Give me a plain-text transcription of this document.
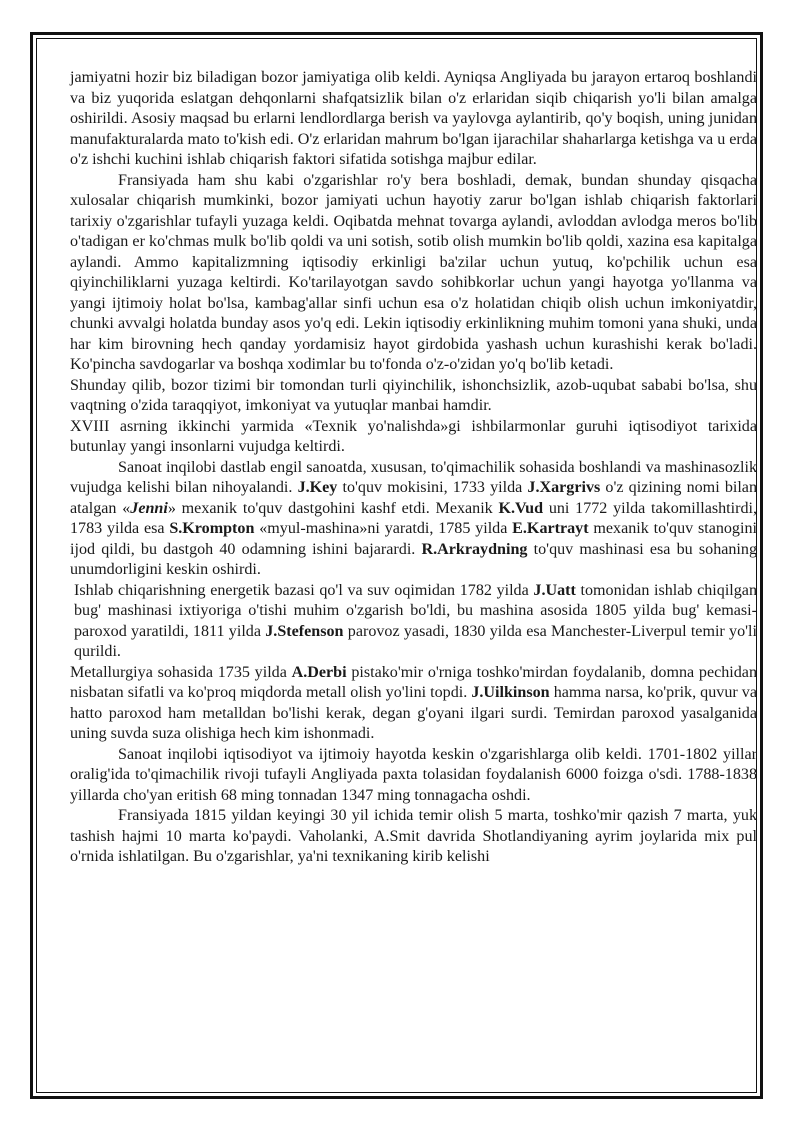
jamiyatni hozir biz biladigan bozor jamiyatiga olib keldi. Ayniqsa Angliyada bu jarayon ertaroq boshlandi va biz yuqorida eslatgan dehqonlarni shafqatsizlik bilan o'z erlaridan siqib chiqarish yo'li bilan amalga oshirildi. Asosiy maqsad bu erlarni lendlordlarga berish va yaylovga aylantirib, qo'y boqish, uning junidan manufakturalarda mato to'kish edi. O'z erlaridan mahrum bo'lgan ijarachilar shaharlarga ketishga va u erda o'z ishchi kuchini ishlab chiqarish faktori sifatida sotishga majbur edilar.

Fransiyada ham shu kabi o'zgarishlar ro'y bera boshladi, demak, bundan shunday qisqacha xulosalar chiqarish mumkinki, bozor jamiyati uchun hayotiy zarur bo'lgan ishlab chiqarish faktorlari tarixiy o'zgarishlar tufayli yuzaga keldi. Oqibatda mehnat tovarga aylandi, avloddan avlodga meros bo'lib o'tadigan er ko'chmas mulk bo'lib qoldi va uni sotish, sotib olish mumkin bo'lib qoldi, xazina esa kapitalga aylandi. Ammo kapitalizmning iqtisodiy erkinligi ba'zilar uchun yutuq, ko'pchilik uchun esa qiyinchiliklarni yuzaga keltirdi. Ko'tarilayotgan savdo sohibkorlar uchun yangi hayotga yo'llanma va yangi ijtimoiy holat bo'lsa, kambag'allar sinfi uchun esa o'z holatidan chiqib olish uchun imkoniyatdir, chunki avvalgi holatda bunday asos yo'q edi. Lekin iqtisodiy erkinlikning muhim tomoni yana shuki, unda har kim birovning hech qanday yordamisiz hayot girdobida yashash uchun kurashishi kerak bo'ladi. Ko'pincha savdogarlar va boshqa xodimlar bu to'fonda o'z-o'zidan yo'q bo'lib ketadi.

Shunday qilib, bozor tizimi bir tomondan turli qiyinchilik, ishonchsizlik, azob-uqubat sababi bo'lsa, shu vaqtning o'zida taraqqiyot, imkoniyat va yutuqlar manbai hamdir.

XVIII asrning ikkinchi yarmida «Texnik yo'nalishda»gi ishbilarmonlar guruhi iqtisodiyot tarixida butunlay yangi insonlarni vujudga keltirdi.

Sanoat inqilobi dastlab engil sanoatda, xususan, to'qimachilik sohasida boshlandi va mashinasozlik vujudga kelishi bilan nihoyalandi. J.Key to'quv mokisini, 1733 yilda J.Xargrivs o'z qizining nomi bilan atalgan «Jenni» mexanik to'quv dastgohini kashf etdi. Mexanik K.Vud uni 1772 yilda takomillashtirdi, 1783 yilda esa S.Krompton «myul-mashina»ni yaratdi, 1785 yilda E.Kartrayt mexanik to'quv stanogini ijod qildi, bu dastgoh 40 odamning ishini bajarardi. R.Arkraydning to'quv mashinasi esa bu sohaning unumdorligini keskin oshirdi.

Ishlab chiqarishning energetik bazasi qo'l va suv oqimidan 1782 yilda J.Uatt tomonidan ishlab chiqilgan bug' mashinasi ixtiyoriga o'tishi muhim o'zgarish bo'ldi, bu mashina asosida 1805 yilda bug' kemasi-paroxod yaratildi, 1811 yilda J.Stefenson parovoz yasadi, 1830 yilda esa Manchester-Liverpul temir yo'li qurildi.

Metallurgiya sohasida 1735 yilda A.Derbi pistako'mir o'rniga toshko'mirdan foydalanib, domna pechidan nisbatan sifatli va ko'proq miqdorda metall olish yo'lini topdi. J.Uilkinson hamma narsa, ko'prik, quvur va hatto paroxod ham metalldan bo'lishi kerak, degan g'oyani ilgari surdi. Temirdan paroxod yasalganida uning suvda suza olishiga hech kim ishonmadi.

Sanoat inqilobi iqtisodiyot va ijtimoiy hayotda keskin o'zgarishlarga olib keldi. 1701-1802 yillar oralig'ida to'qimachilik rivoji tufayli Angliyada paxta tolasidan foydalanish 6000 foizga o'sdi. 1788-1838 yillarda cho'yan eritish 68 ming tonnadan 1347 ming tonnagacha oshdi.

Fransiyada 1815 yildan keyingi 30 yil ichida temir olish 5 marta, toshko'mir qazish 7 marta, yuk tashish hajmi 10 marta ko'paydi. Vaholanki, A.Smit davrida Shotlandiyaning ayrim joylarida mix pul o'rnida ishlatilgan. Bu o'zgarishlar, ya'ni texnikaning kirib kelishi
